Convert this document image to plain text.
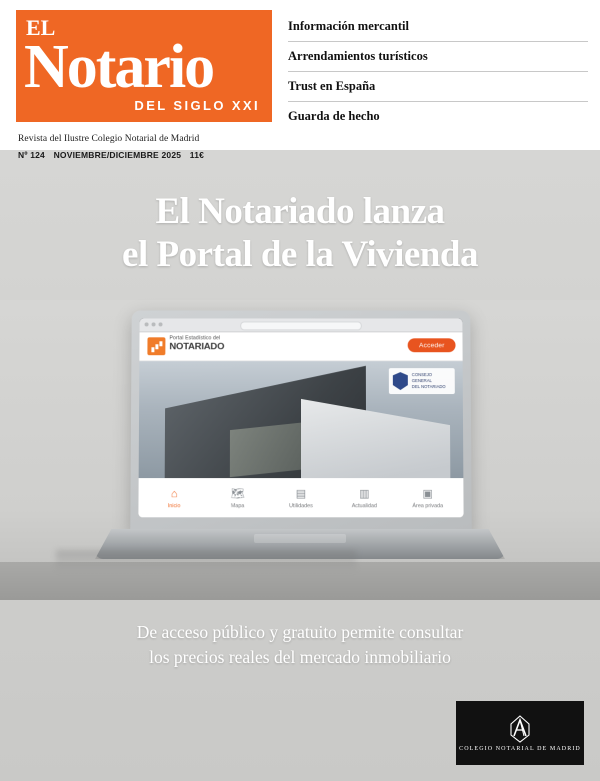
EL
Notario
DEL SIGLO XXI
Información mercantil
Arrendamientos turísticos
Trust en España
Guarda de hecho
Revista del Ilustre Colegio Notarial de Madrid
Nº 124 NOVIEMBRE/DICIEMBRE 2025 11€
El Notariado lanza
el Portal de la Vivienda
Portal Estadístico del
NOTARIADO	Acceder
CONSEJO GENERAL
DEL NOTARIADO
⌂
Inicio
🗺
Mapa
▤
Utilidades
▥
Actualidad
▣
Área privada
De acceso público y gratuito permite consultar
los precios reales del mercado inmobiliario
COLEGIO NOTARIAL DE MADRID
